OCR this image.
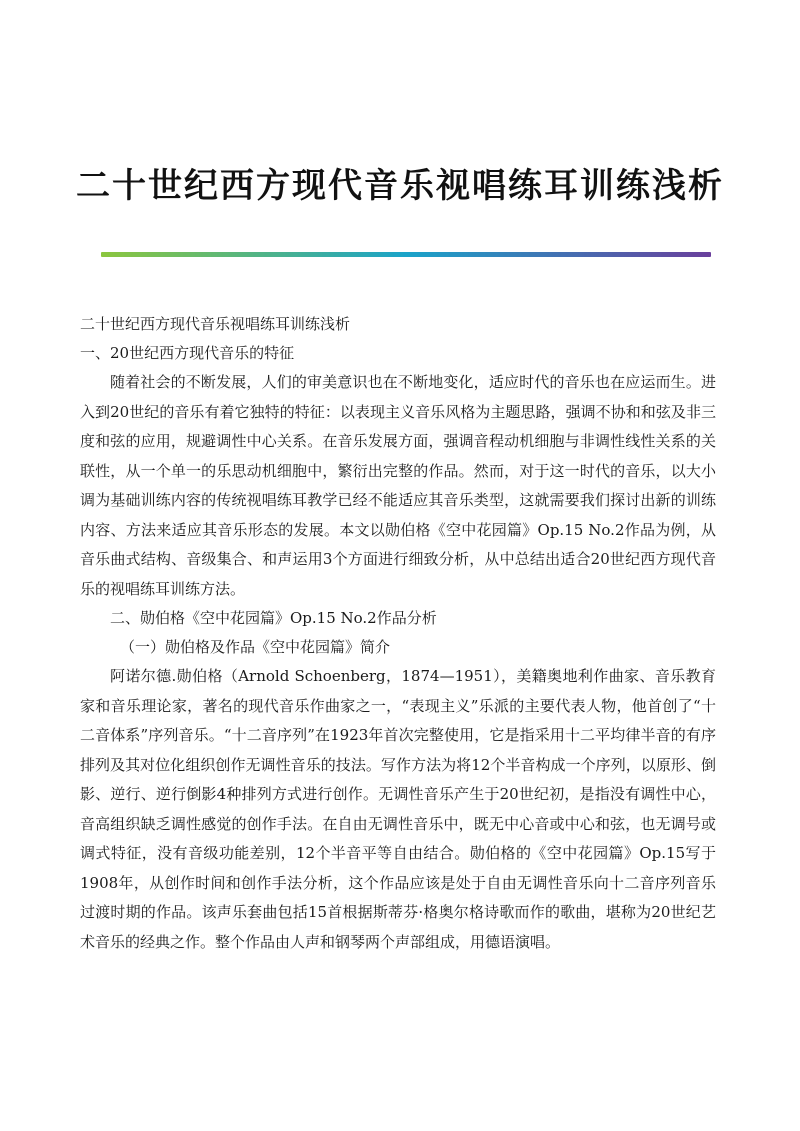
二十世纪西方现代音乐视唱练耳训练浅析

二十世纪西方现代音乐视唱练耳训练浅析

一、20世纪西方现代音乐的特征

随着社会的不断发展，人们的审美意识也在不断地变化，适应时代的音乐也在应运而生。进入到20世纪的音乐有着它独特的特征：以表现主义音乐风格为主题思路，强调不协和和弦及非三度和弦的应用，规避调性中心关系。在音乐发展方面，强调音程动机细胞与非调性线性关系的关联性，从一个单一的乐思动机细胞中，繁衍出完整的作品。然而，对于这一时代的音乐，以大小调为基础训练内容的传统视唱练耳教学已经不能适应其音乐类型，这就需要我们探讨出新的训练内容、方法来适应其音乐形态的发展。本文以勋伯格《空中花园篇》Op.15 No.2作品为例，从音乐曲式结构、音级集合、和声运用3个方面进行细致分析，从中总结出适合20世纪西方现代音乐的视唱练耳训练方法。

二、勋伯格《空中花园篇》Op.15 No.2作品分析

（一）勋伯格及作品《空中花园篇》简介

阿诺尔德.勋伯格（Arnold Schoenberg，1874—1951），美籍奥地利作曲家、音乐教育家和音乐理论家，著名的现代音乐作曲家之一，“表现主义”乐派的主要代表人物，他首创了“十二音体系”序列音乐。“十二音序列”在1923年首次完整使用，它是指采用十二平均律半音的有序排列及其对位化组织创作无调性音乐的技法。写作方法为将12个半音构成一个序列，以原形、倒影、逆行、逆行倒影4种排列方式进行创作。无调性音乐产生于20世纪初，是指没有调性中心，音高组织缺乏调性感觉的创作手法。在自由无调性音乐中，既无中心音或中心和弦，也无调号或调式特征，没有音级功能差别，12个半音平等自由结合。勋伯格的《空中花园篇》Op.15写于1908年，从创作时间和创作手法分析，这个作品应该是处于自由无调性音乐向十二音序列音乐过渡时期的作品。该声乐套曲包括15首根据斯蒂芬·格奥尔格诗歌而作的歌曲，堪称为20世纪艺术音乐的经典之作。整个作品由人声和钢琴两个声部组成，用德语演唱。
